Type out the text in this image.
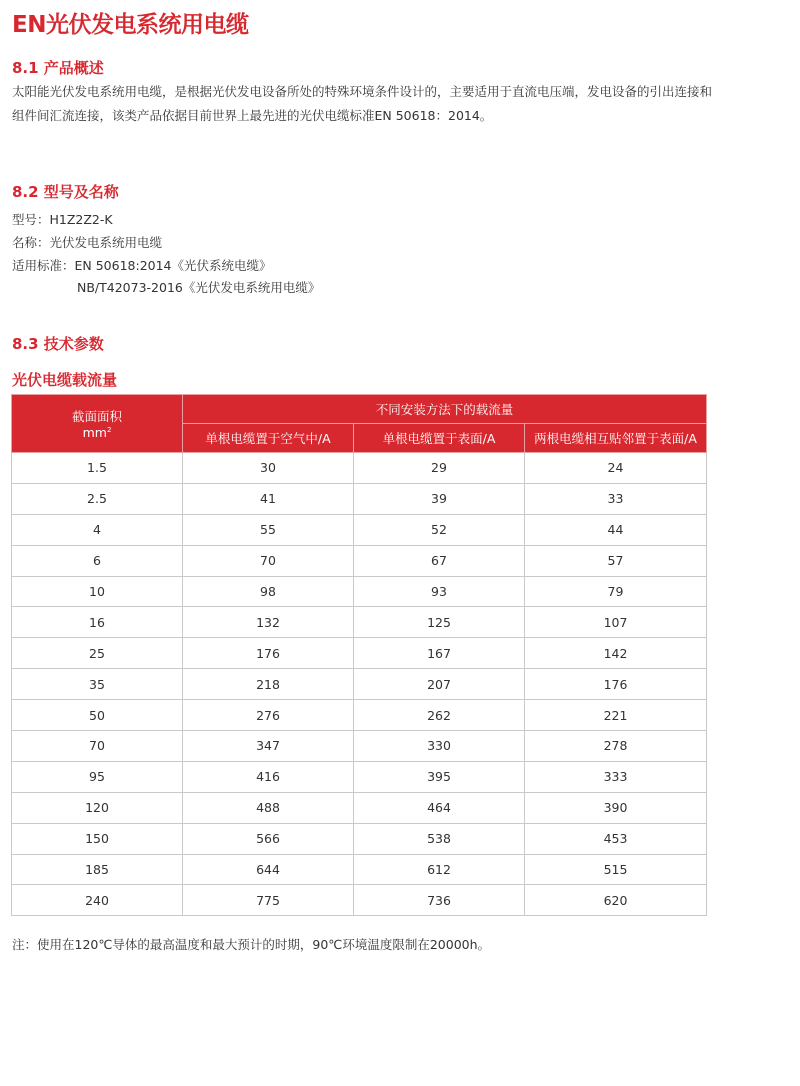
EN光伏发电系统用电缆
8.1 产品概述

太阳能光伏发电系统用电缆，是根据光伏发电设备所处的特殊环境条件设计的，主要适用于直流电压端，发电设备的引出连接和组件间汇流连接，该类产品依据目前世界上最先进的光伏电缆标准EN 50618：2014。

8.2 型号及名称

型号：H1Z2Z2-K

名称：光伏发电系统用电缆

适用标准：EN 50618:2014《光伏系统电缆》

NB/T42073-2016《光伏发电系统用电缆》

8.3 技术参数
光伏电缆载流量
截面面积
$mm^2$	不同安装方法下的载流量		
	单根电缆置于空气中/A	单根电缆置于表面/A	两根电缆相互贴邻置于表面/A
1.5	30	29	24
2.5	41	39	33
4	55	52	44
6	70	67	57
10	98	93	79
16	132	125	107
25	176	167	142
35	218	207	176
50	276	262	221
70	347	330	278
95	416	395	333
120	488	464	390
150	566	538	453
185	644	612	515
240	775	736	620

注：使用在120℃导体的最高温度和最大预计的时期，90℃环境温度限制在20000h。
